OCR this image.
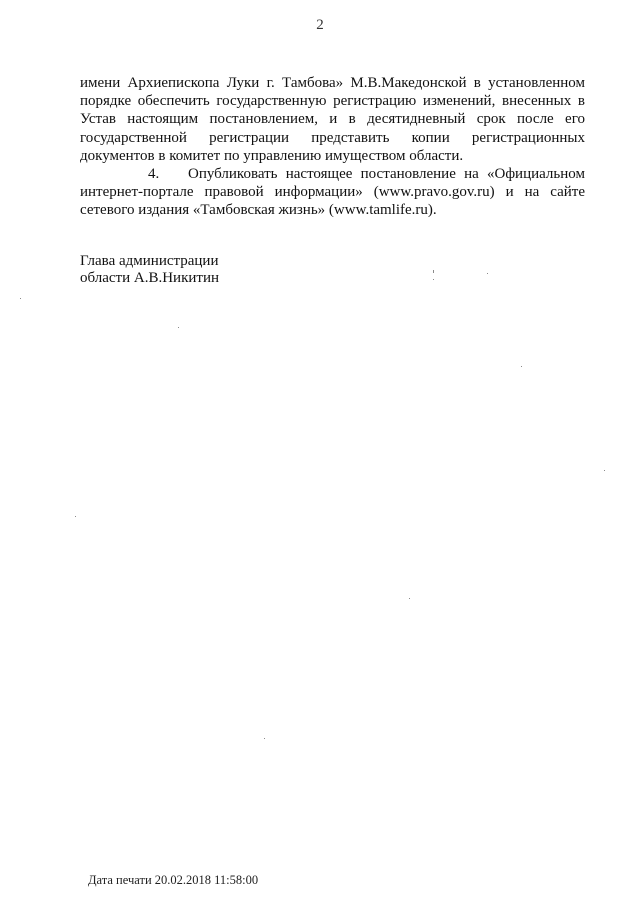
2
имени Архиепископа Луки г. Тамбова» М.В.Македонской в установленном
порядке обеспечить государственную регистрацию изменений, внесенных в
Устав настоящим постановлением, и в десятидневный срок после его
государственной регистрации представить копии регистрационных
документов в комитет по управлению имуществом области.
4. Опубликовать настоящее постановление на «Официальном
интернет-портале правовой информации» (www.pravo.gov.ru) и на сайте
сетевого издания «Тамбовская жизнь» (www.tamlife.ru).
Глава администрации
области А.В.Никитин
Дата печати 20.02.2018 11:58:00
